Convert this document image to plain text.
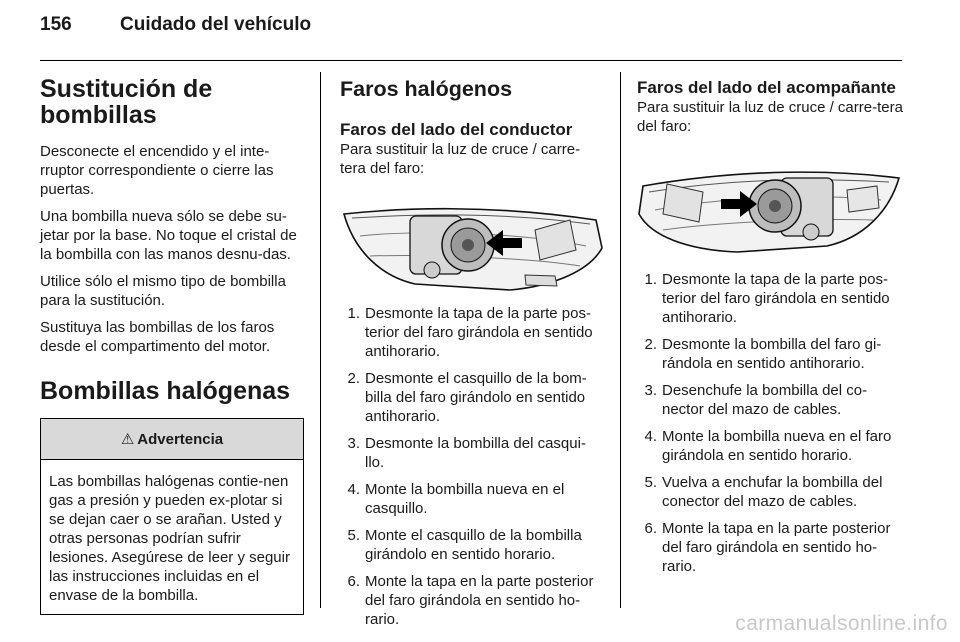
156	Cuidado del vehículo
Sustitución de bombillas

Desconecte el encendido y el inte-rruptor correspondiente o cierre las puertas.

Una bombilla nueva sólo se debe su-jetar por la base. No toque el cristal de la bombilla con las manos desnu-das.

Utilice sólo el mismo tipo de bombilla para la sustitución.

Sustituya las bombillas de los faros desde el compartimento del motor.

Bombillas halógenas
⚠ Advertencia
Las bombillas halógenas contie-nen gas a presión y pueden ex-plotar si se dejan caer o se arañan. Usted y otras personas podrían sufrir lesiones. Asegúrese de leer y seguir las instrucciones incluidas en el envase de la bombilla.
Faros halógenos
Faros del lado del conductor

Para sustituir la luz de cruce / carre-tera del faro:

1. Desmonte la tapa de la parte pos-terior del faro girándola en sentido antihorario.
2. Desmonte el casquillo de la bom-billa del faro girándolo en sentido antihorario.
3. Desmonte la bombilla del casqui-llo.
4. Monte la bombilla nueva en el casquillo.
5. Monte el casquillo de la bombilla girándolo en sentido horario.
6. Monte la tapa en la parte posterior del faro girándola en sentido ho-rario.
Faros del lado del acompañante

Para sustituir la luz de cruce / carre-tera del faro:

1. Desmonte la tapa de la parte pos-terior del faro girándola en sentido antihorario.
2. Desmonte la bombilla del faro gi-rándola en sentido antihorario.
3. Desenchufe la bombilla del co-nector del mazo de cables.
4. Monte la bombilla nueva en el faro girándola en sentido horario.
5. Vuelva a enchufar la bombilla del conector del mazo de cables.
6. Monte la tapa en la parte posterior del faro girándola en sentido ho-rario.
carmanualsonline.info
